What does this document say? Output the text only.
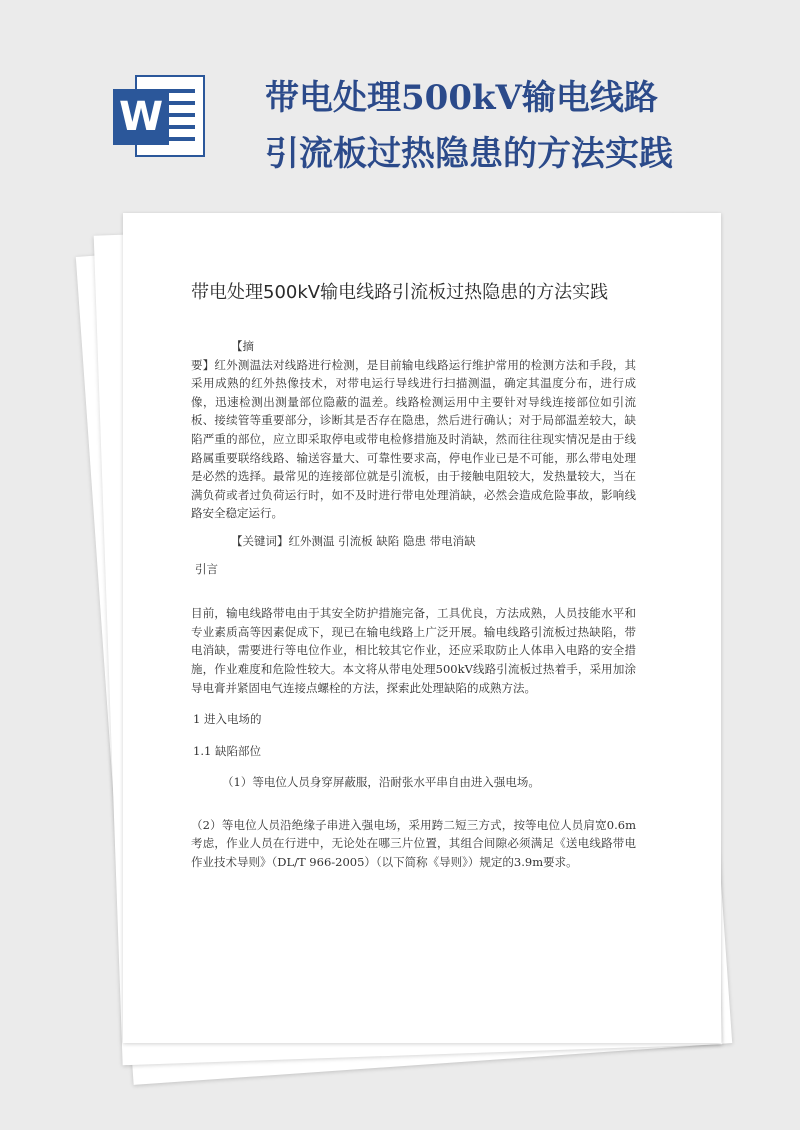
W	带电处理500kV输电线路
引流板过热隐患的方法实践
带电处理500kV输电线路引流板过热隐患的方法实践

【摘

要】红外测温法对线路进行检测，是目前输电线路运行维护常用的检测方法和手段，其采用成熟的红外热像技术，对带电运行导线进行扫描测温，确定其温度分布，进行成像，迅速检测出测量部位隐蔽的温差。线路检测运用中主要针对导线连接部位如引流板、接续管等重要部分，诊断其是否存在隐患，然后进行确认；对于局部温差较大，缺陷严重的部位，应立即采取停电或带电检修措施及时消缺，然而往往现实情况是由于线路属重要联络线路、输送容量大、可靠性要求高，停电作业已是不可能，那么带电处理是必然的选择。最常见的连接部位就是引流板，由于接触电阻较大，发热量较大，当在满负荷或者过负荷运行时，如不及时进行带电处理消缺，必然会造成危险事故，影响线路安全稳定运行。

【关键词】红外测温 引流板 缺陷 隐患 带电消缺

引言

目前，输电线路带电由于其安全防护措施完备，工具优良，方法成熟，人员技能水平和专业素质高等因素促成下，现已在输电线路上广泛开展。输电线路引流板过热缺陷，带电消缺，需要进行等电位作业，相比较其它作业，还应采取防止人体串入电路的安全措施，作业难度和危险性较大。本文将从带电处理500kV线路引流板过热着手，采用加涂导电膏并紧固电气连接点螺栓的方法，探索此处理缺陷的成熟方法。

1 进入电场的

1.1 缺陷部位

（1）等电位人员身穿屏蔽服，沿耐张水平串自由进入强电场。

（2）等电位人员沿绝缘子串进入强电场，采用跨二短三方式，按等电位人员肩宽0.6m考虑，作业人员在行进中，无论处在哪三片位置，其组合间隙必须满足《送电线路带电作业技术导则》（DL/T 966-2005）（以下简称《导则》）规定的3.9m要求。
